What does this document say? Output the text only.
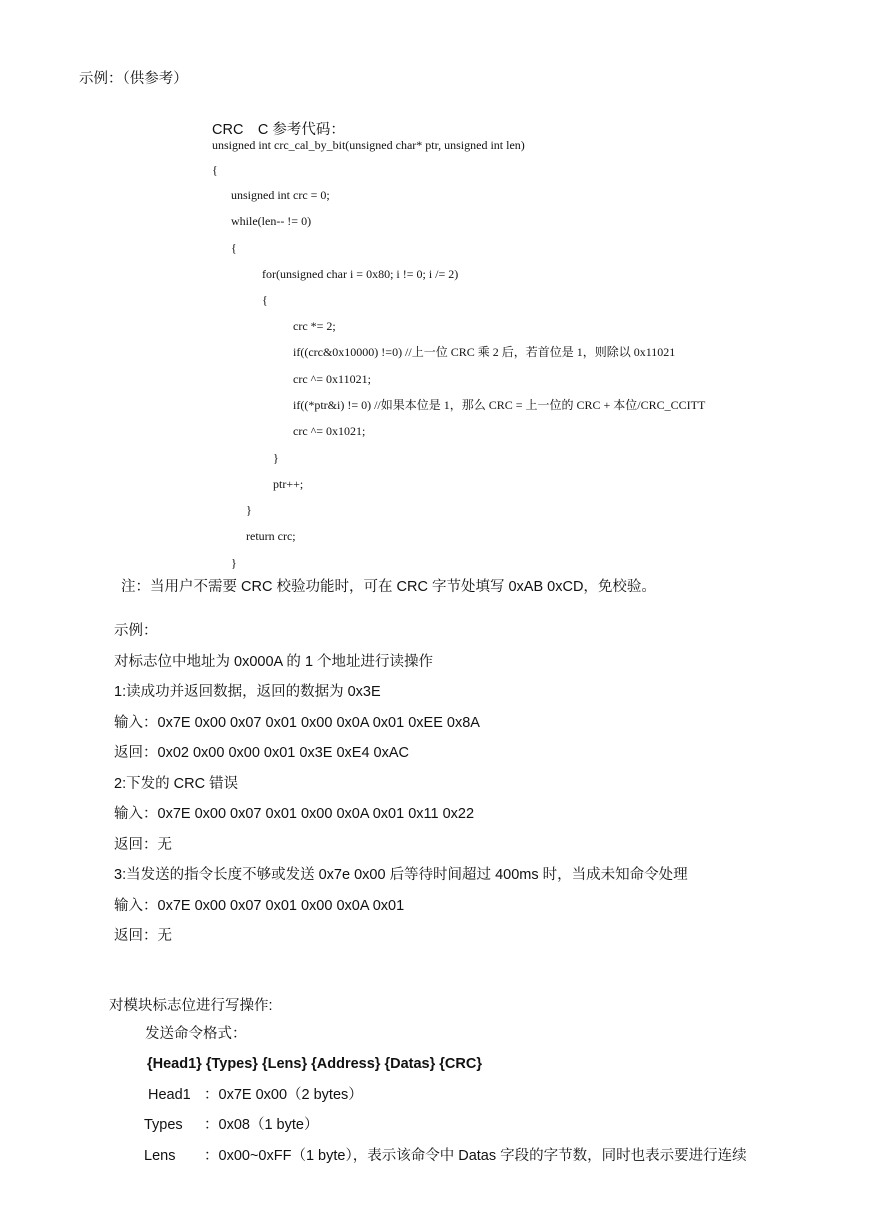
示例：（供参考）
CRC　C 参考代码：
unsigned int crc_cal_by_bit(unsigned char* ptr, unsigned int len)
{
unsigned int crc = 0;
while(len-- != 0)
{
for(unsigned char i = 0x80; i != 0; i /= 2)
{
crc *= 2;
if((crc&0x10000) !=0) //上一位 CRC 乘 2 后，若首位是 1，则除以 0x11021
crc ^= 0x11021;
if((*ptr&i) != 0) //如果本位是 1，那么 CRC = 上一位的 CRC + 本位/CRC_CCITT
crc ^= 0x1021;
}
ptr++;
}
return crc;
}
注：当用户不需要 CRC 校验功能时，可在 CRC 字节处填写 0xAB 0xCD，免校验。
示例：
对标志位中地址为 0x000A 的 1 个地址进行读操作
1:读成功并返回数据，返回的数据为 0x3E
输入：0x7E 0x00 0x07 0x01 0x00 0x0A 0x01 0xEE 0x8A
返回：0x02 0x00 0x00 0x01 0x3E 0xE4 0xAC
2:下发的 CRC 错误
输入：0x7E 0x00 0x07 0x01 0x00 0x0A 0x01 0x11 0x22
返回：无
3:当发送的指令长度不够或发送 0x7e 0x00 后等待时间超过 400ms 时，当成未知命令处理
输入：0x7E 0x00 0x07 0x01 0x00 0x0A 0x01
返回：无
对模块标志位进行写操作:
发送命令格式：
{Head1} {Types} {Lens} {Address} {Datas} {CRC}
Head1 ：0x7E 0x00（2 bytes）
Types ：0x08（1 byte）
Lens ：0x00~0xFF（1 byte），表示该命令中 Datas 字段的字节数，同时也表示要进行连续
